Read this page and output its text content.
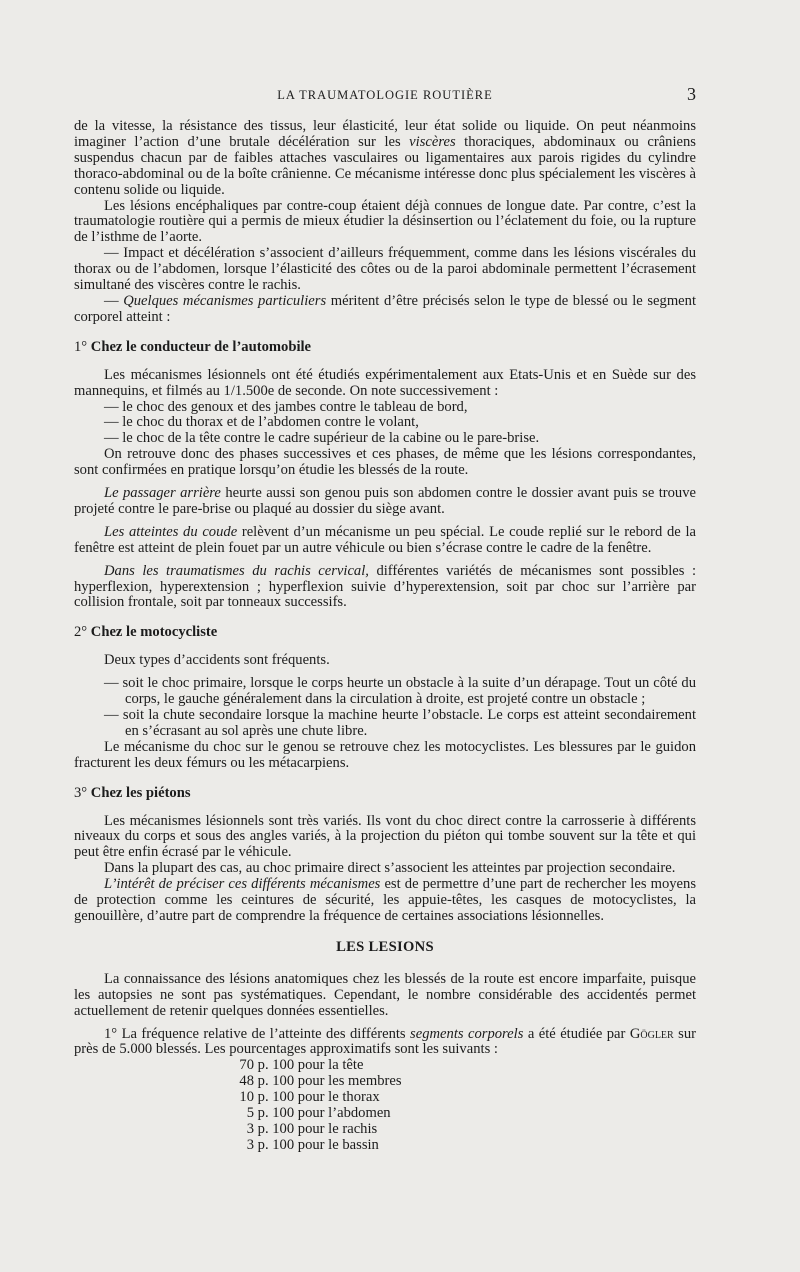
LA TRAUMATOLOGIE ROUTIÈRE	3

de la vitesse, la résistance des tissus, leur élasticité, leur état solide ou liquide. On peut néanmoins imaginer l’action d’une brutale décélération sur les viscères thoraciques, abdominaux ou crâniens suspendus chacun par de faibles attaches vasculaires ou ligamentaires aux parois rigides du cylindre thoraco-abdominal ou de la boîte crânienne. Ce mécanisme intéresse donc plus spécialement les viscères à contenu solide ou liquide.

Les lésions encéphaliques par contre-coup étaient déjà connues de longue date. Par contre, c’est la traumatologie routière qui a permis de mieux étudier la désinsertion ou l’éclatement du foie, ou la rupture de l’isthme de l’aorte.

— Impact et décélération s’associent d’ailleurs fréquemment, comme dans les lésions viscérales du thorax ou de l’abdomen, lorsque l’élasticité des côtes ou de la paroi abdominale permettent l’écrasement simultané des viscères contre le rachis.

— Quelques mécanismes particuliers méritent d’être précisés selon le type de blessé ou le segment corporel atteint :

1° Chez le conducteur de l’automobile

Les mécanismes lésionnels ont été étudiés expérimentalement aux Etats-Unis et en Suède sur des mannequins, et filmés au 1/1.500e de seconde. On note successivement :

— le choc des genoux et des jambes contre le tableau de bord,

— le choc du thorax et de l’abdomen contre le volant,

— le choc de la tête contre le cadre supérieur de la cabine ou le pare-brise.

On retrouve donc des phases successives et ces phases, de même que les lésions correspondantes, sont confirmées en pratique lorsqu’on étudie les blessés de la route.

Le passager arrière heurte aussi son genou puis son abdomen contre le dossier avant puis se trouve projeté contre le pare-brise ou plaqué au dossier du siège avant.

Les atteintes du coude relèvent d’un mécanisme un peu spécial. Le coude replié sur le rebord de la fenêtre est atteint de plein fouet par un autre véhicule ou bien s’écrase contre le cadre de la fenêtre.

Dans les traumatismes du rachis cervical, différentes variétés de mécanismes sont possibles : hyperflexion, hyperextension ; hyperflexion suivie d’hyperextension, soit par choc sur l’arrière par collision frontale, soit par tonneaux successifs.

2° Chez le motocycliste

Deux types d’accidents sont fréquents.

— soit le choc primaire, lorsque le corps heurte un obstacle à la suite d’un dérapage. Tout un côté du corps, le gauche généralement dans la circulation à droite, est projeté contre un obstacle ;

— soit la chute secondaire lorsque la machine heurte l’obstacle. Le corps est atteint secondairement en s’écrasant au sol après une chute libre.

Le mécanisme du choc sur le genou se retrouve chez les motocyclistes. Les blessures par le guidon fracturent les deux fémurs ou les métacarpiens.

3° Chez les piétons

Les mécanismes lésionnels sont très variés. Ils vont du choc direct contre la carrosserie à différents niveaux du corps et sous des angles variés, à la projection du piéton qui tombe souvent sur la tête et qui peut être enfin écrasé par le véhicule.

Dans la plupart des cas, au choc primaire direct s’associent les atteintes par projection secondaire.

L’intérêt de préciser ces différents mécanismes est de permettre d’une part de rechercher les moyens de protection comme les ceintures de sécurité, les appuie-têtes, les casques de motocyclistes, la genouillère, d’autre part de comprendre la fréquence de certaines associations lésionnelles.

LES LESIONS

La connaissance des lésions anatomiques chez les blessés de la route est encore imparfaite, puisque les autopsies ne sont pas systématiques. Cependant, le nombre considérable des accidentés permet actuellement de retenir quelques données essentielles.

1° La fréquence relative de l’atteinte des différents segments corporels a été étudiée par Gögler sur près de 5.000 blessés. Les pourcentages approximatifs sont les suivants :

70 p. 100 pour la tête
48 p. 100 pour les membres
10 p. 100 pour le thorax
5 p. 100 pour l’abdomen
3 p. 100 pour le rachis
3 p. 100 pour le bassin
